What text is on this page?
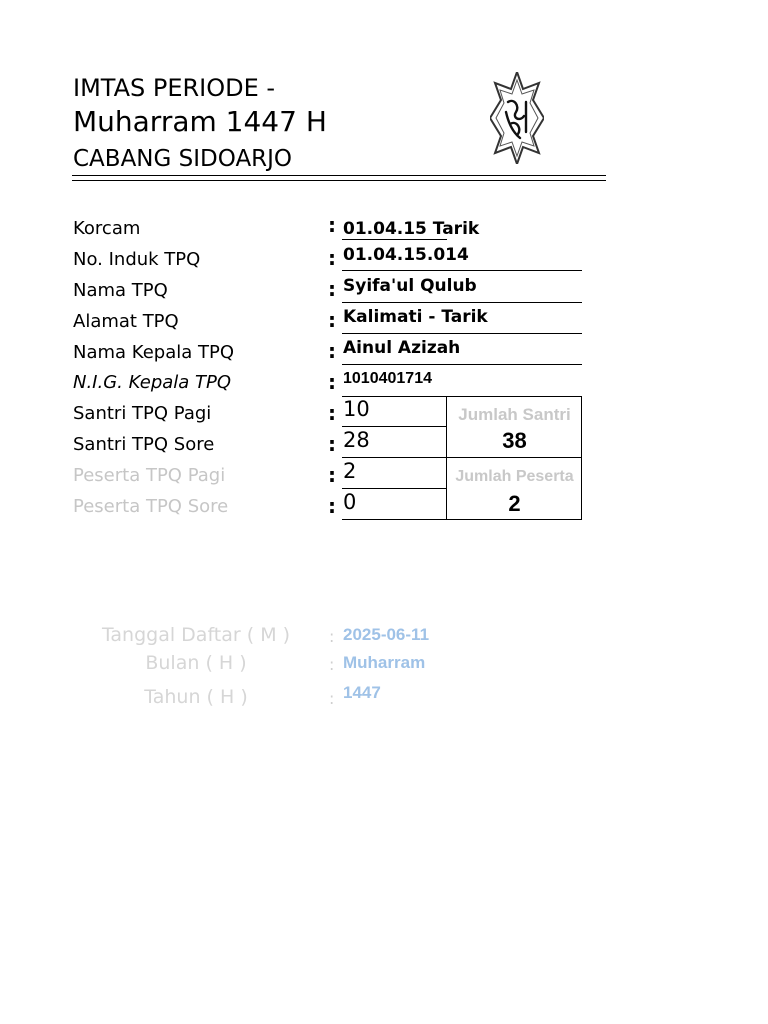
IMTAS PERIODE -
Muharram 1447 H
CABANG SIDOARJO
Korcam
No. Induk TPQ
Nama TPQ
Alamat TPQ
Nama Kepala TPQ
N.I.G. Kepala TPQ
:
:
:
:
:
:
01.04.15 Tarik
01.04.15.014
Syifa'ul Qulub
Kalimati - Tarik
Ainul Azizah
1010401714
Santri TPQ Pagi
Santri TPQ Sore
Peserta TPQ Pagi
Peserta TPQ Sore
:
:
:
:
10
28
2
0
Jumlah Santri
38
Jumlah Peserta
2
Tanggal Daftar ( M )
Bulan ( H )
Tahun ( H )
:
:
:
2025-06-11
Muharram
1447
